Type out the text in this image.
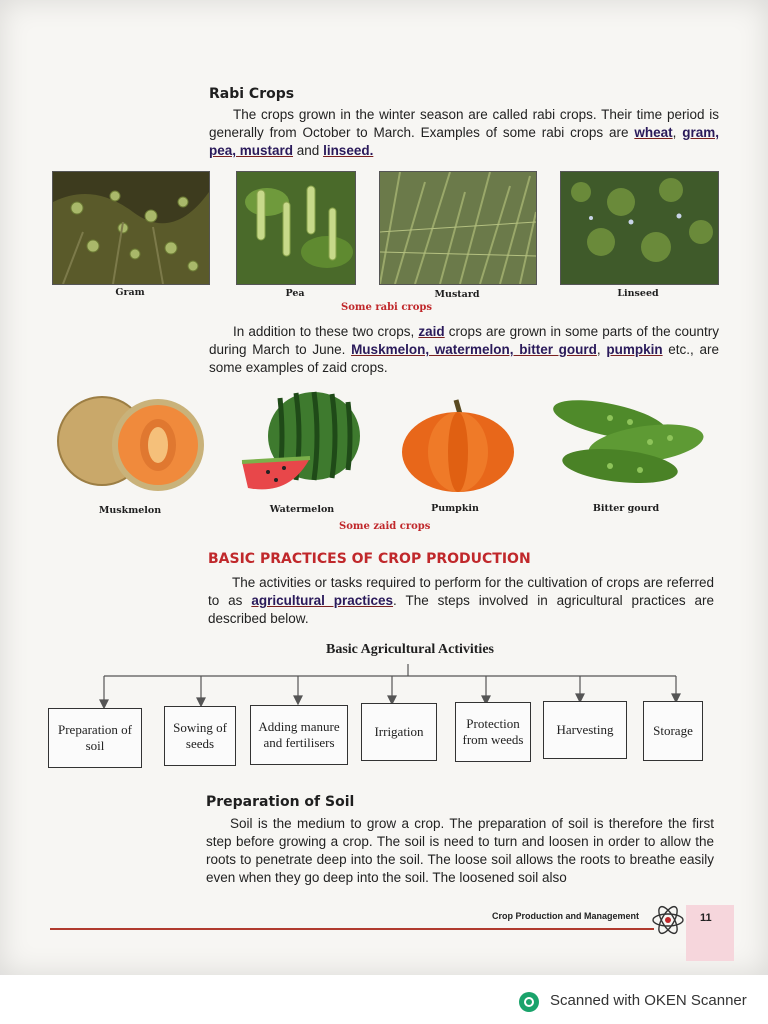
Rabi Crops
The crops grown in the winter season are called rabi crops. Their time period is generally from October to March. Examples of some rabi crops are wheat, gram, pea, mustard and linseed.
Gram	Pea	Mustard	Linseed
Some rabi crops
In addition to these two crops, zaid crops are grown in some parts of the country during March to June. Muskmelon, watermelon, bitter gourd, pumpkin etc., are some examples of zaid crops.
Muskmelon	Watermelon	Pumpkin	Bitter gourd
Some zaid crops
BASIC PRACTICES OF CROP PRODUCTION
The activities or tasks required to perform for the cultivation of crops are referred to as agricultural practices. The steps involved in agricultural practices are described below.
Basic Agricultural Activities
Preparation of soil
Sowing of seeds
Adding manure and fertilisers
Irrigation
Protection from weeds
Harvesting	Storage
Preparation of Soil
Soil is the medium to grow a crop. The preparation of soil is therefore the first step before growing a crop. The soil is need to turn and loosen in order to allow the roots to penetrate deep into the soil. The loose soil allows the roots to breathe easily even when they go deep into the soil. The loosened soil also
Crop Production and Management	11
Scanned with OKEN Scanner
